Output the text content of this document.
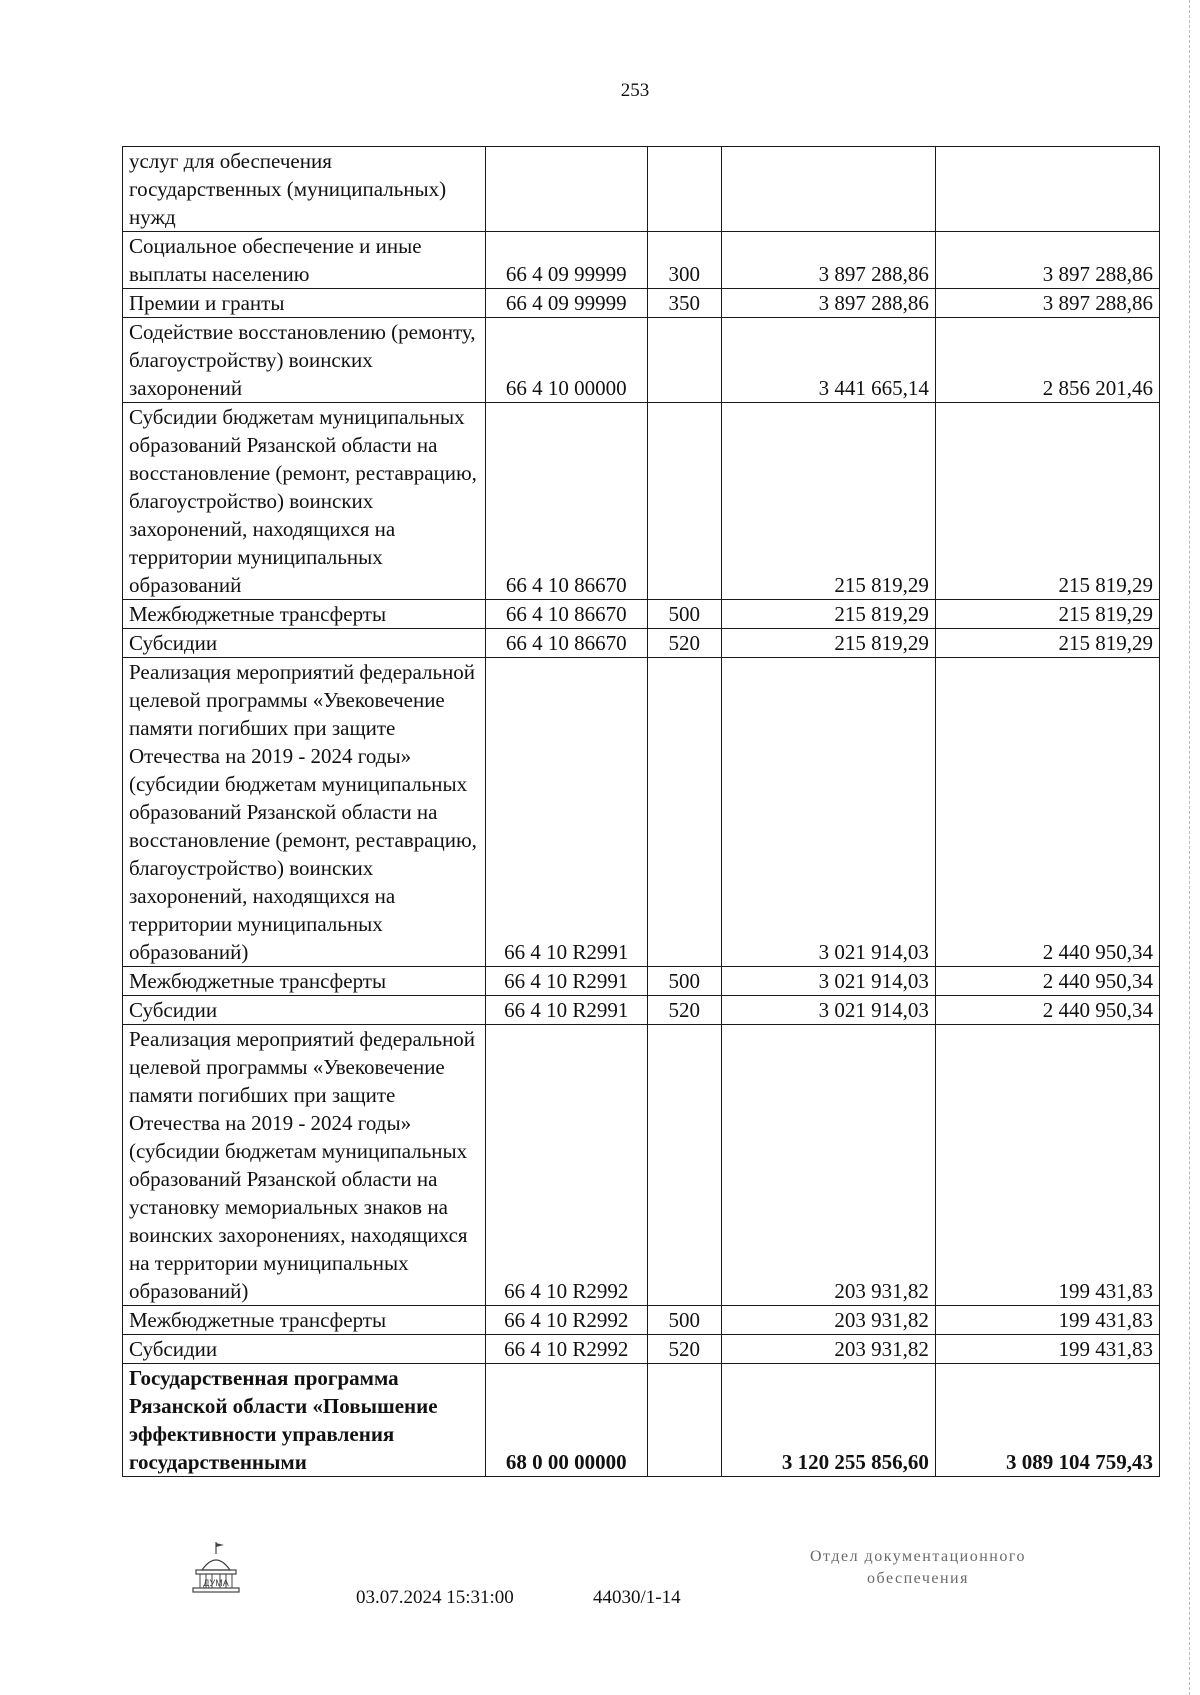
253
услуг для обеспечения государственных (муниципальных) нужд				
Социальное обеспечение и иные выплаты населению	66 4 09 99999	300	3 897 288,86	3 897 288,86
Премии и гранты	66 4 09 99999	350	3 897 288,86	3 897 288,86
Содействие восстановлению (ремонту, благоустройству) воинских захоронений	66 4 10 00000		3 441 665,14	2 856 201,46
Субсидии бюджетам муниципальных образований Рязанской области на восстановление (ремонт, реставрацию, благоустройство) воинских захоронений, находящихся на территории муниципальных образований	66 4 10 86670		215 819,29	215 819,29
Межбюджетные трансферты	66 4 10 86670	500	215 819,29	215 819,29
Субсидии	66 4 10 86670	520	215 819,29	215 819,29
Реализация мероприятий федеральной целевой программы «Увековечение памяти погибших при защите Отечества на 2019 - 2024 годы» (субсидии бюджетам муниципальных образований Рязанской области на восстановление (ремонт, реставрацию, благоустройство) воинских захоронений, находящихся на территории муниципальных образований)	66 4 10 R2991		3 021 914,03	2 440 950,34
Межбюджетные трансферты	66 4 10 R2991	500	3 021 914,03	2 440 950,34
Субсидии	66 4 10 R2991	520	3 021 914,03	2 440 950,34
Реализация мероприятий федеральной целевой программы «Увековечение памяти погибших при защите Отечества на 2019 - 2024 годы» (субсидии бюджетам муниципальных образований Рязанской области на установку мемориальных знаков на воинских захоронениях, находящихся на территории муниципальных образований)	66 4 10 R2992		203 931,82	199 431,83
Межбюджетные трансферты	66 4 10 R2992	500	203 931,82	199 431,83
Субсидии	66 4 10 R2992	520	203 931,82	199 431,83
Государственная программа Рязанской области «Повышение эффективности управления государственными	68 0 00 00000		3 120 255 856,60	3 089 104 759,43
ДУМА
03.07.2024 15:31:00	44030/1-14
Отдел документационного
обеспечения
